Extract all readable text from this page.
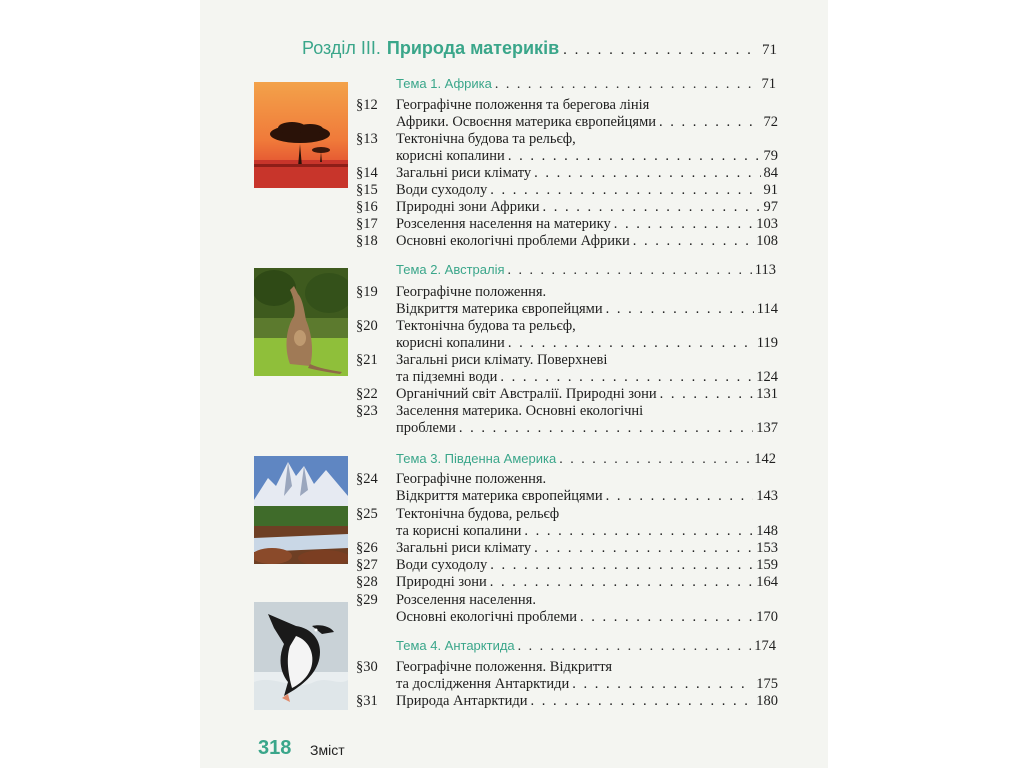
Розділ III. Природа материків . . .	71
Тема 1. Африка . . .	71
§12	Географічне положення та берегова лінія
Африки. Освоєння материка європейцями . . .	72
§13	Тектонічна будова та рельєф,
корисні копалини . . .	79
§14	Загальні риси клімату . . .	84
§15	Води суходолу . . .	91
§16	Природні зони Африки . . .	97
§17	Розселення населення на материку . . .	103
§18	Основні екологічні проблеми Африки . . .	108
Тема 2. Австралія . . .	113
§19	Географічне положення.
Відкриття материка європейцями . . .	114
§20	Тектонічна будова та рельєф,
корисні копалини . . .	119
§21	Загальні риси клімату. Поверхневі
та підземні води . . .	124
§22	Органічний світ Австралії. Природні зони . . .	131
§23	Заселення материка. Основні екологічні
проблеми . . .	137
Тема 3. Південна Америка . . .	142
§24	Географічне положення.
Відкриття материка європейцями . . .	143
§25	Тектонічна будова, рельєф
та корисні копалини . . .	148
§26	Загальні риси клімату . . .	153
§27	Води суходолу . . .	159
§28	Природні зони . . .	164
§29	Розселення населення.
Основні екологічні проблеми . . .	170
Тема 4. Антарктида . . .	174
§30	Географічне положення. Відкриття
та дослідження Антарктиди . . .	175
§31	Природа Антарктиди . . .	180
318 Зміст
